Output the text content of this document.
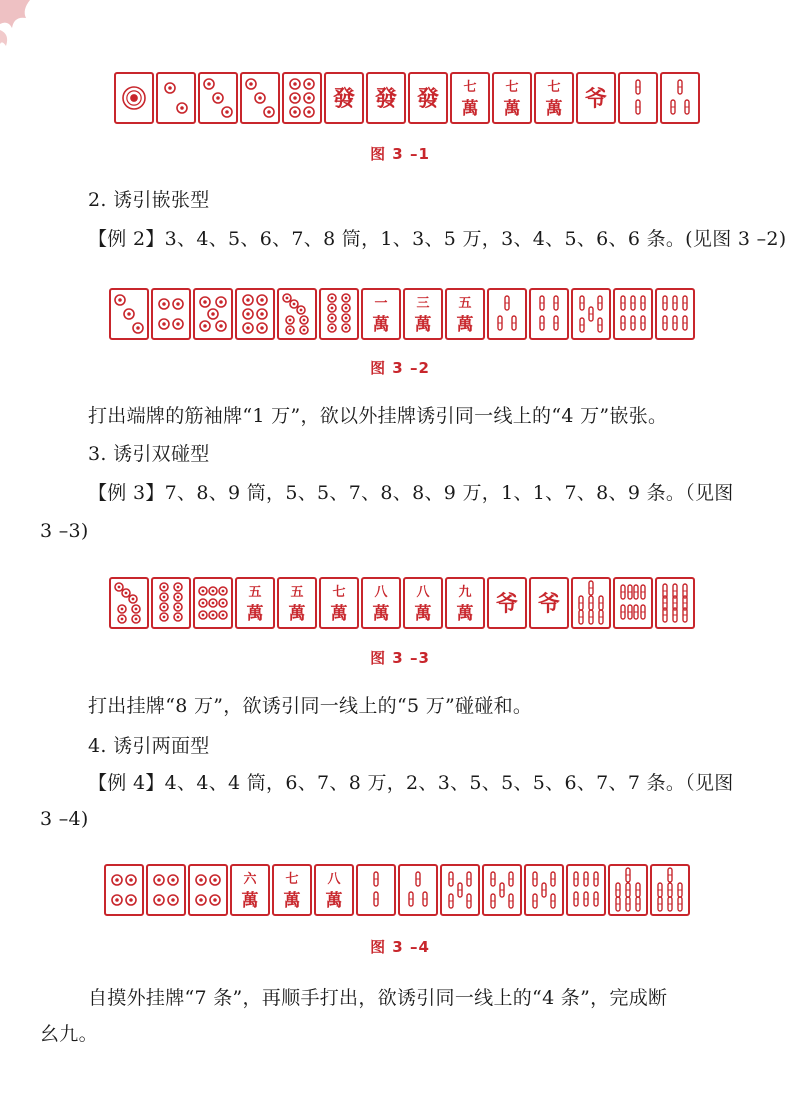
發 發 發 七
萬
七
萬
七
萬 爷
图 3 –1
2. 诱引嵌张型
【例 2】3、4、5、6、7、8 筒，1、3、5 万，3、4、5、6、6 条。(见图 3 –2)
一
萬
三
萬
五
萬
图 3 –2
打出端牌的筋袖牌“1 万”，欲以外挂牌诱引同一线上的“4 万”嵌张。
3. 诱引双碰型
【例 3】7、8、9 筒，5、5、7、8、8、9 万，1、1、7、8、9 条。（见图
3 –3)
五
萬
五
萬
七
萬
八
萬
八
萬
九
萬 爷 爷
图 3 –3
打出挂牌“8 万”，欲诱引同一线上的“5 万”碰碰和。
4. 诱引两面型
【例 4】4、4、4 筒，6、7、8 万，2、3、5、5、5、6、7、7 条。（见图
3 –4)
六
萬
七
萬
八
萬
图 3 –4
自摸外挂牌“7 条”，再顺手打出，欲诱引同一线上的“4 条”，完成断
幺九。
